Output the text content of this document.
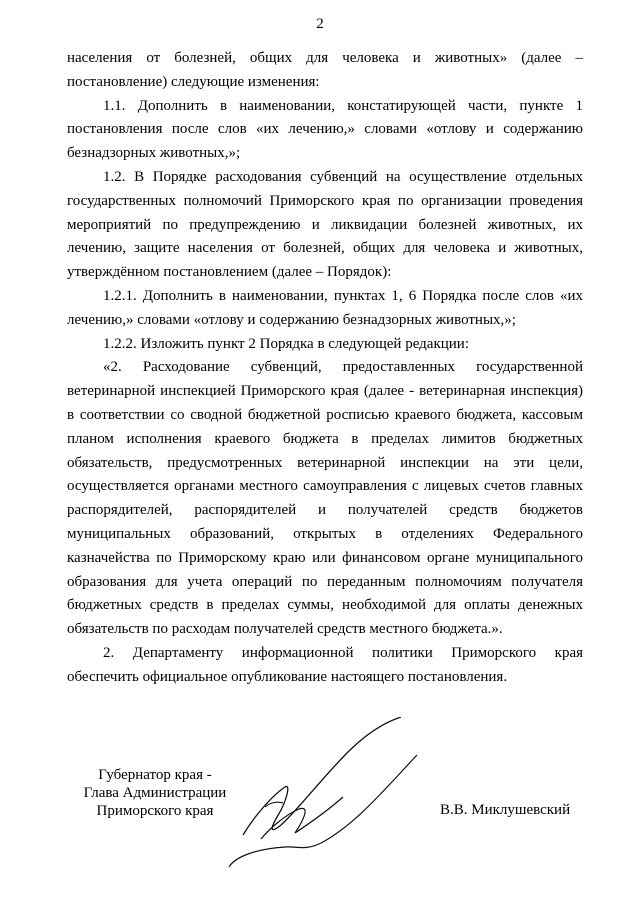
2

населения от болезней, общих для человека и животных» (далее – постановление) следующие изменения:

1.1. Дополнить в наименовании, констатирующей части, пункте 1 постановления после слов «их лечению,» словами «отлову и содержанию безнадзорных животных,»;

1.2. В Порядке расходования субвенций на осуществление отдельных государственных полномочий Приморского края по организации проведения мероприятий по предупреждению и ликвидации болезней животных, их лечению, защите населения от болезней, общих для человека и животных, утверждённом постановлением (далее – Порядок):

1.2.1. Дополнить в наименовании, пунктах 1, 6 Порядка после слов «их лечению,» словами «отлову и содержанию безнадзорных животных,»;

1.2.2. Изложить пункт 2 Порядка в следующей редакции:

«2. Расходование субвенций, предоставленных государственной ветеринарной инспекцией Приморского края (далее - ветеринарная инспекция) в соответствии со сводной бюджетной росписью краевого бюджета, кассовым планом исполнения краевого бюджета в пределах лимитов бюджетных обязательств, предусмотренных ветеринарной инспекции на эти цели, осуществляется органами местного самоуправления с лицевых счетов главных распорядителей, распорядителей и получателей средств бюджетов муниципальных образований, открытых в отделениях Федерального казначейства по Приморскому краю или финансовом органе муниципального образования для учета операций по переданным полномочиям получателя бюджетных средств в пределах суммы, необходимой для оплаты денежных обязательств по расходам получателей средств местного бюджета.».

2. Департаменту информационной политики Приморского края обеспечить официальное опубликование настоящего постановления.

Губернатор края -
Глава Администрации
Приморского края	В.В. Миклушевский
